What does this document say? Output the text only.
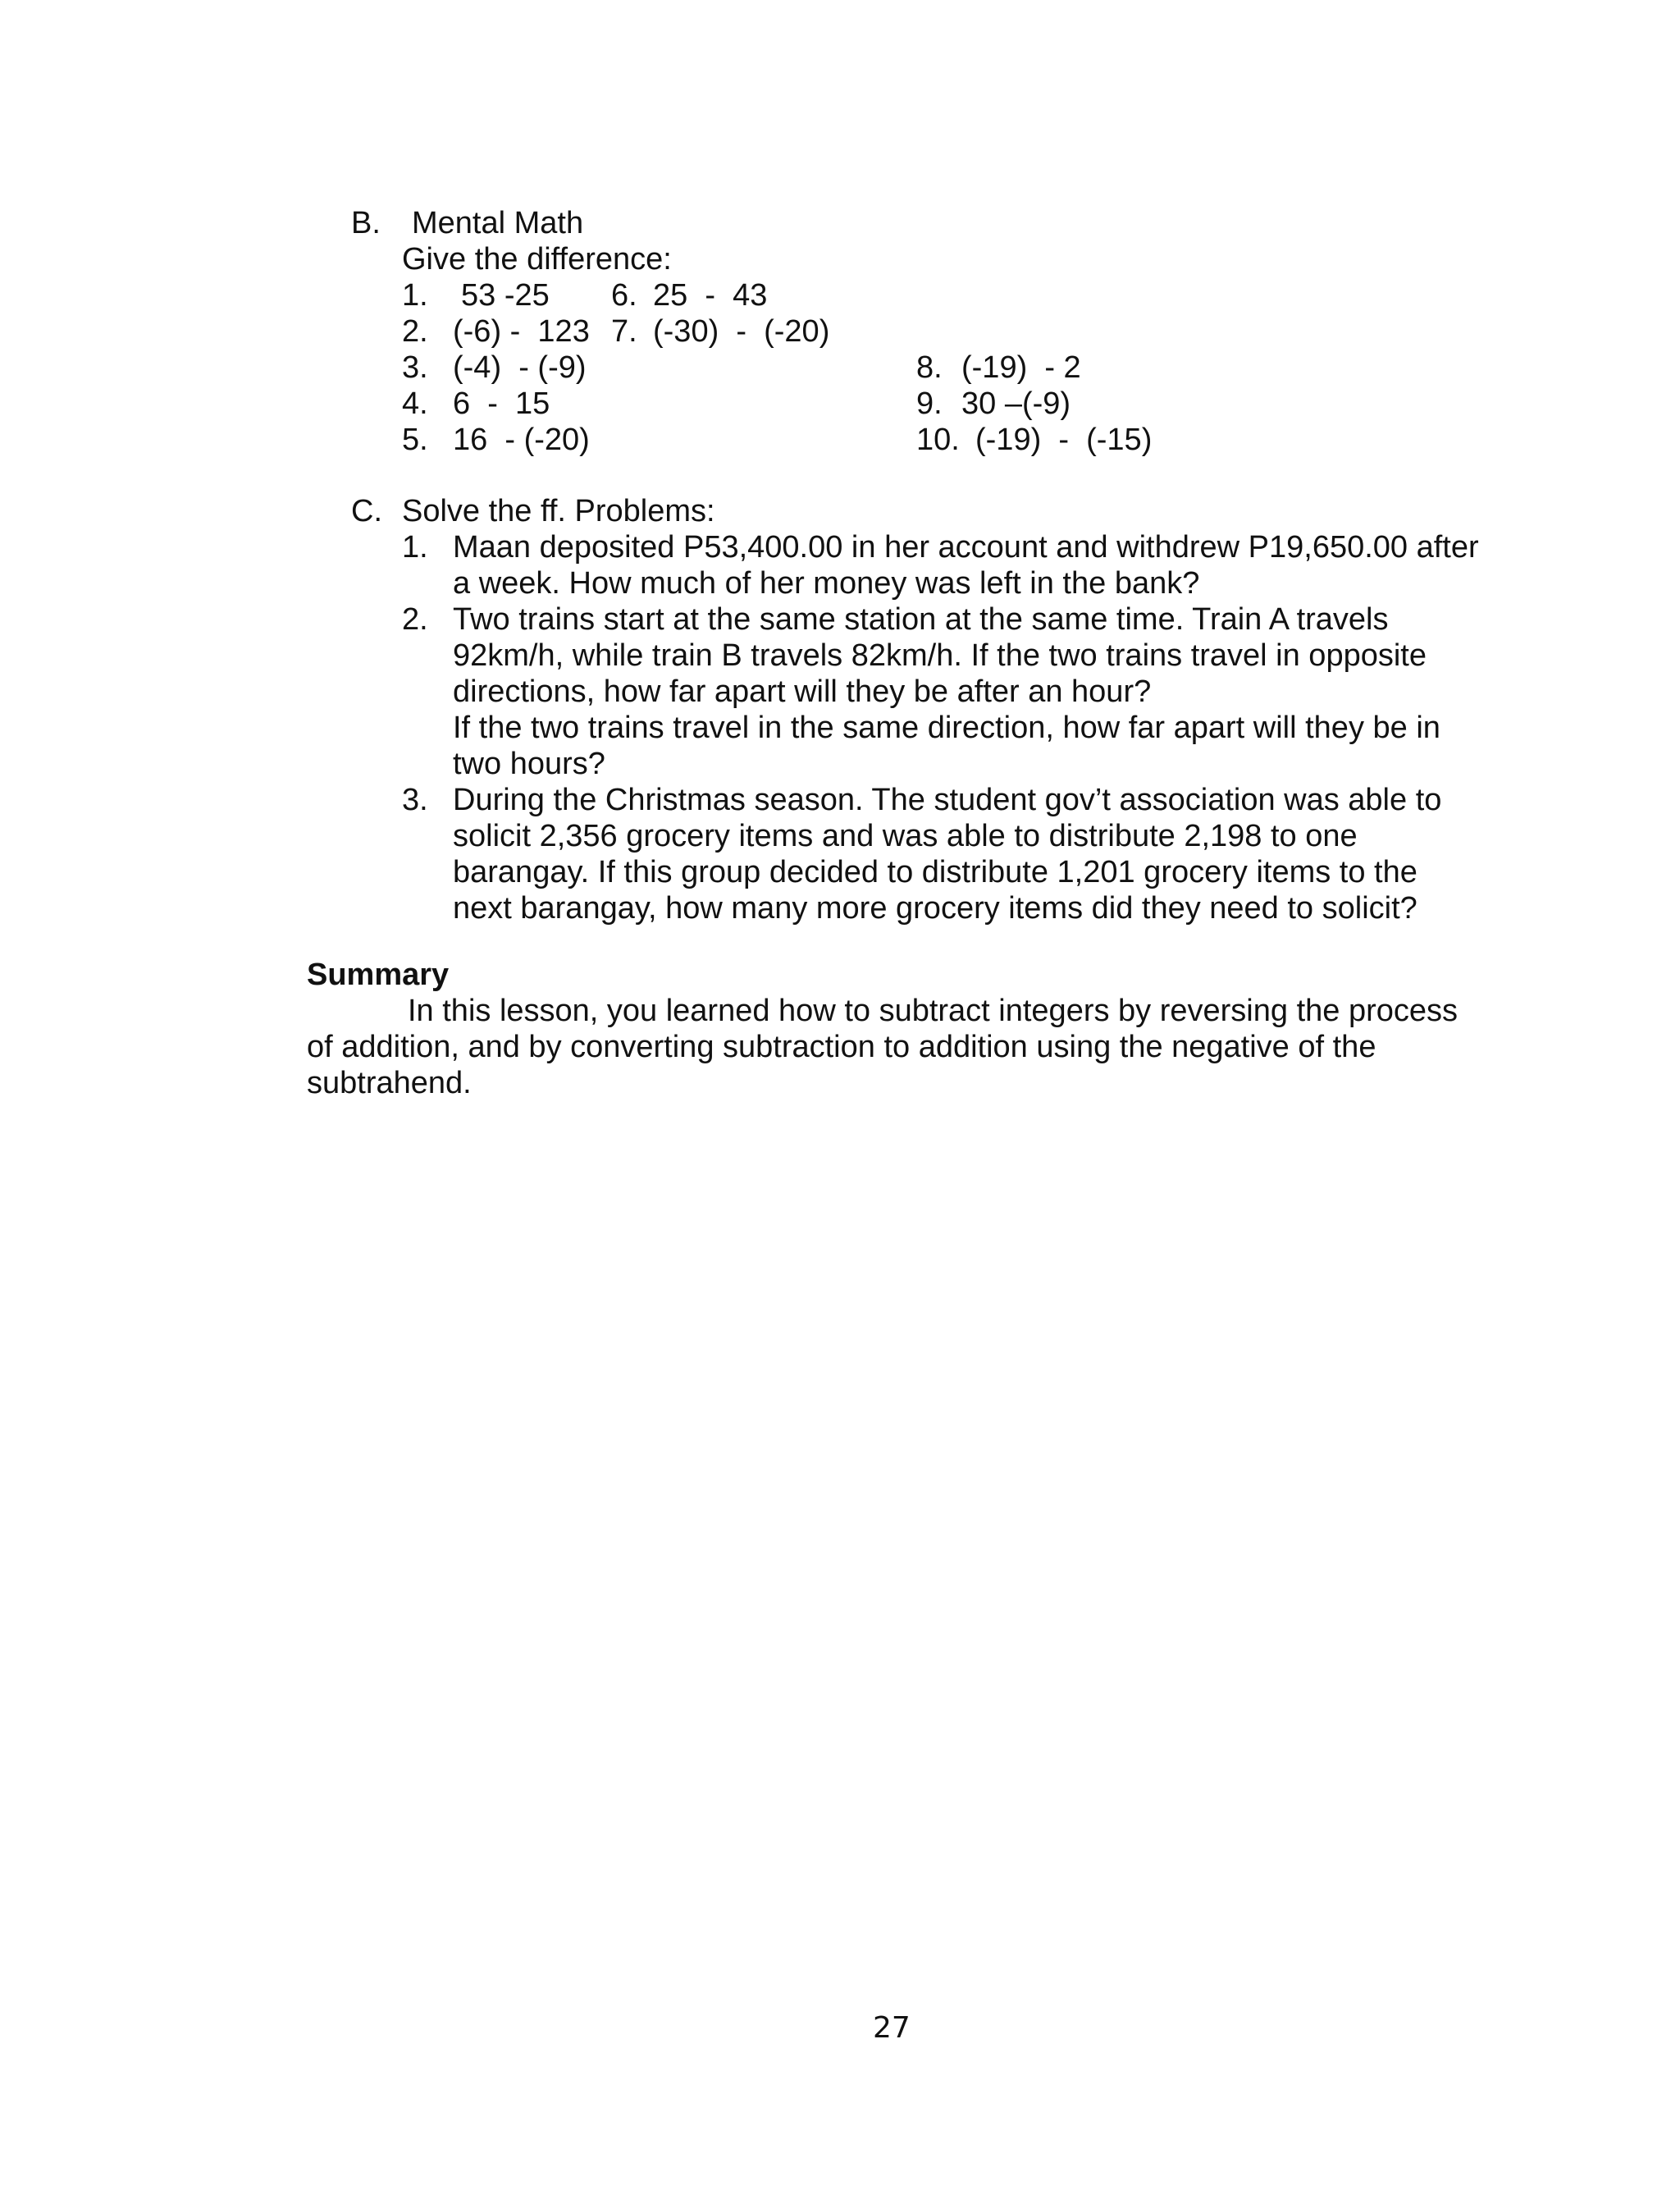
B. Mental Math
Give the difference:
1. 53 -25
2. (-6) -  123
3. (-4)  - (-9)
4. 6  -  15
5. 16  - (-20)
6. 25  -  43
7. (-30)  -  (-20)
8. (-19)  - 2
9. 30 –(-9)
10. (-19)  -  (-15)
C. Solve the ff. Problems:
1. Maan deposited P53,400.00 in her account and withdrew P19,650.00 after
a week. How much of her money was left in the bank?
2. Two trains start at the same station at the same time. Train A travels
92km/h, while train B travels 82km/h. If the two trains travel in opposite
directions, how far apart will they be after an hour?
If the two trains travel in the same direction, how far apart will they be in
two hours?
3. During the Christmas season. The student gov’t association was able to
solicit 2,356 grocery items and was able to distribute 2,198 to one
barangay. If this group decided to distribute 1,201 grocery items to the
next barangay, how many more grocery items did they need to solicit?
Summary
In this lesson, you learned how to subtract integers by reversing the process
of addition, and by converting subtraction to addition using the negative of the
subtrahend.
27
